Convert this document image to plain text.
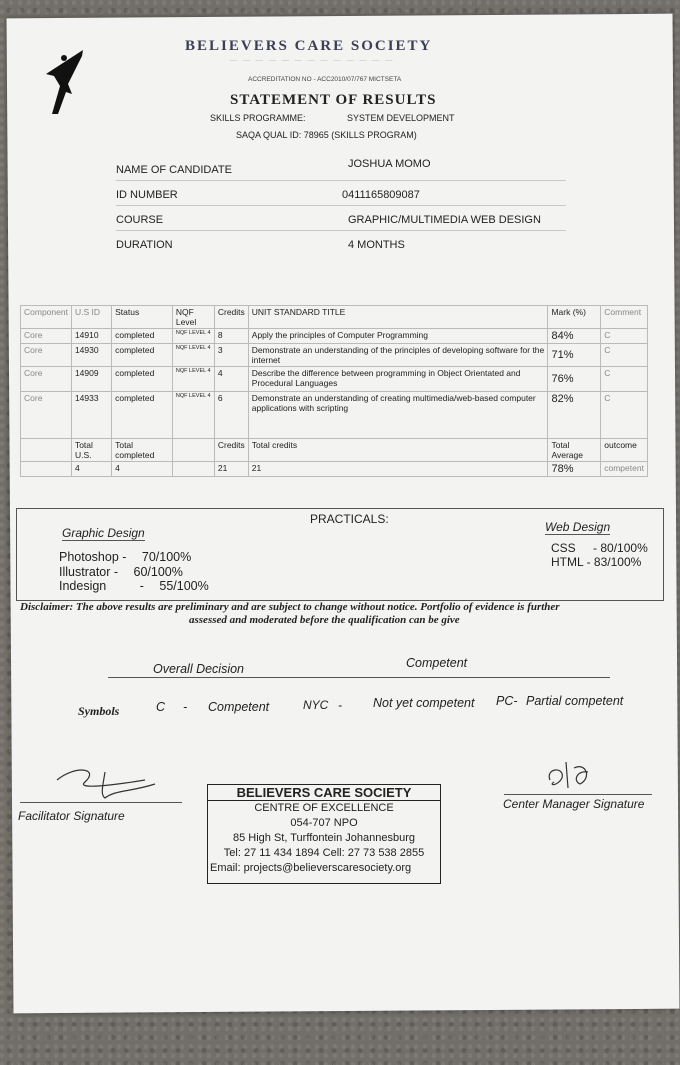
BELIEVERS CARE SOCIETY
— — — — — — — — — — — — —
ACCREDITATION NO - ACC2010/07/767 MICTSETA
STATEMENT OF RESULTS
SKILLS PROGRAMME:	SYSTEM DEVELOPMENT
SAQA QUAL ID: 78965 (SKILLS PROGRAM)
NAME OF CANDIDATE	JOSHUA MOMO
ID NUMBER	0411165809087
COURSE	GRAPHIC/MULTIMEDIA WEB DESIGN
DURATION	4 MONTHS
Component	U.S ID	Status	NQF Level	Credits	UNIT STANDARD TITLE	Mark (%)	Comment
Core	14910	completed	NQF LEVEL 4	8	Apply the principles of Computer Programming	84%	C
Core	14930	completed	NQF LEVEL 4	3	Demonstrate an understanding of the principles of developing software for the internet	71%	C
Core	14909	completed	NQF LEVEL 4	4	Describe the difference between programming in Object Orientated and Procedural Languages	76%	C
Core	14933	completed	NQF LEVEL 4	6	Demonstrate an understanding of creating multimedia/web-based computer applications with scripting	82%	C
	Total U.S.	Total completed		Credits	Total credits	Total Average	outcome
	4	4		21	21	78%	competent
PRACTICALS:
Graphic Design	Web Design
Photoshop - 70/100%
Illustrator - 60/100%
Indesign	- 55/100%
CSS - 80/100%
HTML - 83/100%
Disclaimer: The above results are preliminary and are subject to change without notice. Portfolio of evidence is further
assessed and moderated before the qualification can be give
Overall Decision	Competent
Symbols	C - Competent	NYC - Not yet competent PC- Partial competent
Facilitator Signature
Center Manager Signature
BELIEVERS CARE SOCIETY
CENTRE OF EXCELLENCE
054-707 NPO
85 High St, Turffontein Johannesburg
Tel: 27 11 434 1894 Cell: 27 73 538 2855
Email: projects@believerscaresociety.org
